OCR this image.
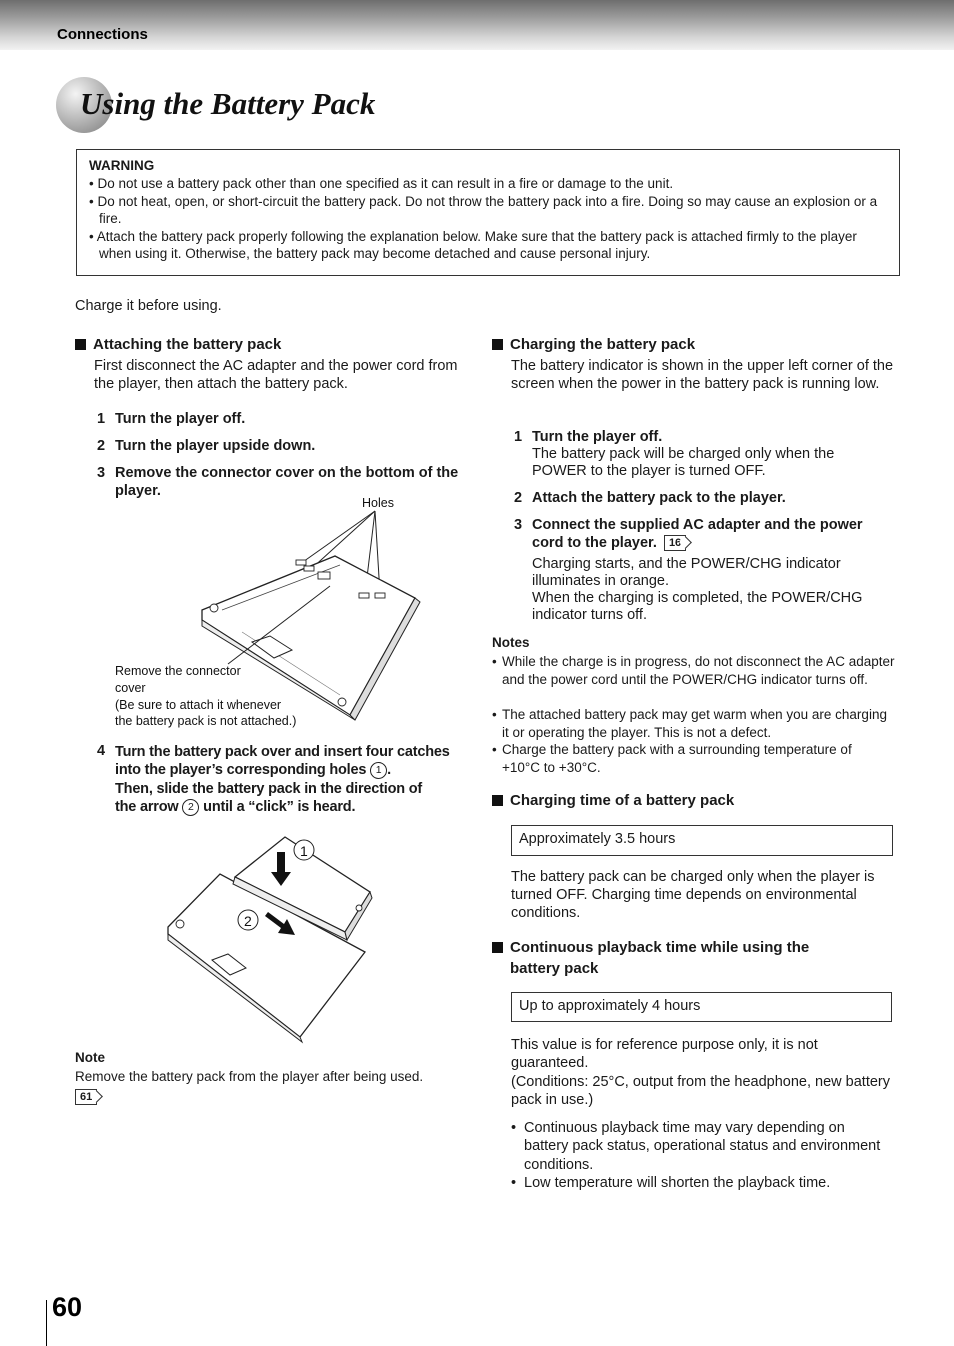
Connections
Using the Battery Pack
WARNING
• Do not use a battery pack other than one specified as it can result in a fire or damage to the unit.
• Do not heat, open, or short-circuit the battery pack. Do not throw the battery pack into a fire. Doing so may cause an explosion or a fire.
• Attach the battery pack properly following the explanation below. Make sure that the battery pack is attached firmly to the player when using it. Otherwise, the battery pack may become detached and cause personal injury.
Charge it before using.
Attaching the battery pack
First disconnect the AC adapter and the power cord from the player, then attach the battery pack.
1 Turn the player off.
2 Turn the player upside down.
3 Remove the connector cover on the bottom of the player.
Holes
Remove the connector
cover
(Be sure to attach it whenever
the battery pack is not attached.)
4 Turn the battery pack over and insert four catches
into the player’s corresponding holes 1 .
Then, slide the battery pack in the direction of
the arrow 2 until a “click” is heard.
1
2
Note
Remove the battery pack from the player after being used.
61
Charging the battery pack
The battery indicator is shown in the upper left corner of the screen when the power in the battery pack is running low.
1 Turn the player off.
The battery pack will be charged only when the POWER to the player is turned OFF.
2 Attach the battery pack to the player.
3 Connect the supplied AC adapter and the power
cord to the player. 16
Charging starts, and the POWER/CHG indicator illuminates in orange.
When the charging is completed, the POWER/CHG indicator turns off.
Notes
• While the charge is in progress, do not disconnect the AC adapter and the power cord until the POWER/CHG indicator turns off.
• The attached battery pack may get warm when you are charging it or operating the player. This is not a defect.
• Charge the battery pack with a surrounding temperature of +10°C to +30°C.
Charging time of a battery pack
Approximately 3.5 hours
The battery pack can be charged only when the player is turned OFF. Charging time depends on environmental conditions.
Continuous playback time while using the
battery pack
Up to approximately 4 hours
This value is for reference purpose only, it is not guaranteed.
(Conditions: 25°C, output from the headphone, new battery pack in use.)
• Continuous playback time may vary depending on battery pack status, operational status and environment conditions.
• Low temperature will shorten the playback time.
60
